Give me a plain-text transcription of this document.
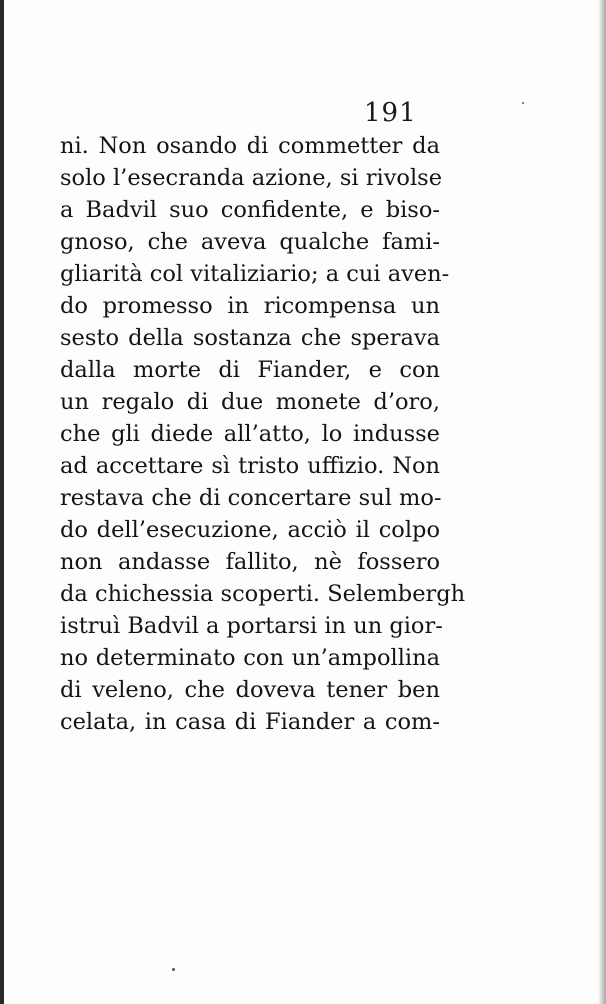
191
ni. Non osando di commetter da
solo l’esecranda azione, si rivolse
a Badvil suo confidente, e biso-
gnoso, che aveva qualche fami-
gliarità col vitaliziario; a cui aven-
do promesso in ricompensa un
sesto della sostanza che sperava
dalla morte di Fiander, e con
un regalo di due monete d’oro,
che gli diede all’atto, lo indusse
ad accettare sì tristo uffizio. Non
restava che di concertare sul mo-
do dell’esecuzione, acciò il colpo
non andasse fallito, nè fossero
da chichessia scoperti. Selembergh
istruì Badvil a portarsi in un gior-
no determinato con un’ampollina
di veleno, che doveva tener ben
celata, in casa di Fiander a com-
